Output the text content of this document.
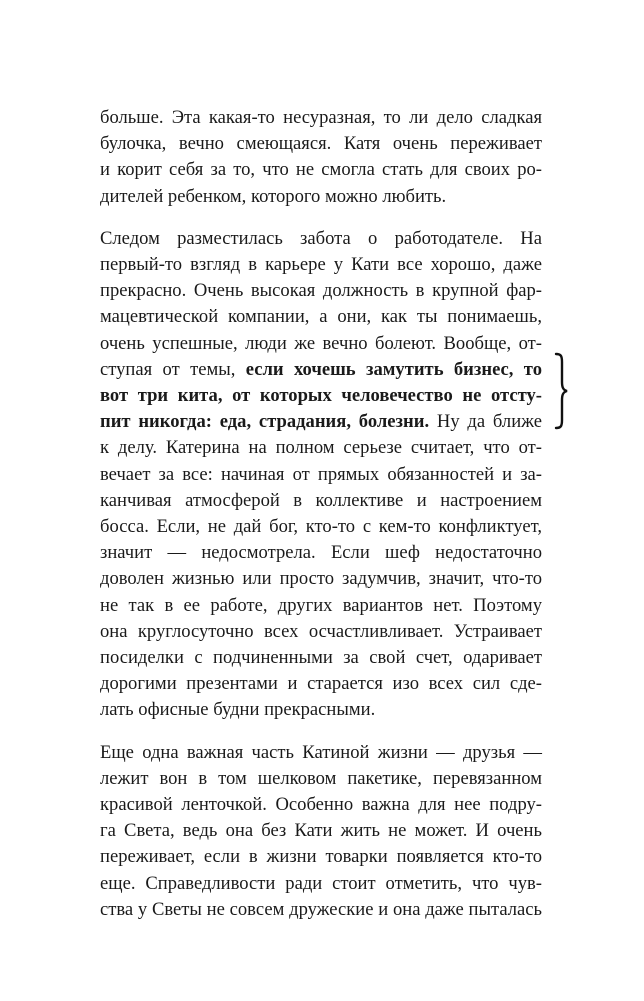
больше. Эта какая-то несуразная, то ли дело сладкая
булочка, вечно смеющаяся. Катя очень переживает
и корит себя за то, что не смогла стать для своих ро-
дителей ребенком, которого можно любить.

Следом разместилась забота о работодателе. На
первый-то взгляд в карьере у Кати все хорошо, даже
прекрасно. Очень высокая должность в крупной фар-
мацевтической компании, а они, как ты понимаешь,
очень успешные, люди же вечно болеют. Вообще, от-
ступая от темы, если хочешь замутить бизнес, то
вот три кита, от которых человечество не отсту-
пит никогда: еда, страдания, болезни. Ну да ближе
к делу. Катерина на полном серьезе считает, что от-
вечает за все: начиная от прямых обязанностей и за-
канчивая атмосферой в коллективе и настроением
босса. Если, не дай бог, кто-то с кем-то конфликтует,
значит — недосмотрела. Если шеф недостаточно
доволен жизнью или просто задумчив, значит, что-то
не так в ее работе, других вариантов нет. Поэтому
она круглосуточно всех осчастливливает. Устраивает
посиделки с подчиненными за свой счет, одаривает
дорогими презентами и старается изо всех сил сде-
лать офисные будни прекрасными.

Еще одна важная часть Катиной жизни — друзья —
лежит вон в том шелковом пакетике, перевязанном
красивой ленточкой. Особенно важна для нее подру-
га Света, ведь она без Кати жить не может. И очень
переживает, если в жизни товарки появляется кто-то
еще. Справедливости ради стоит отметить, что чув-
ства у Светы не совсем дружеские и она даже пыталась
